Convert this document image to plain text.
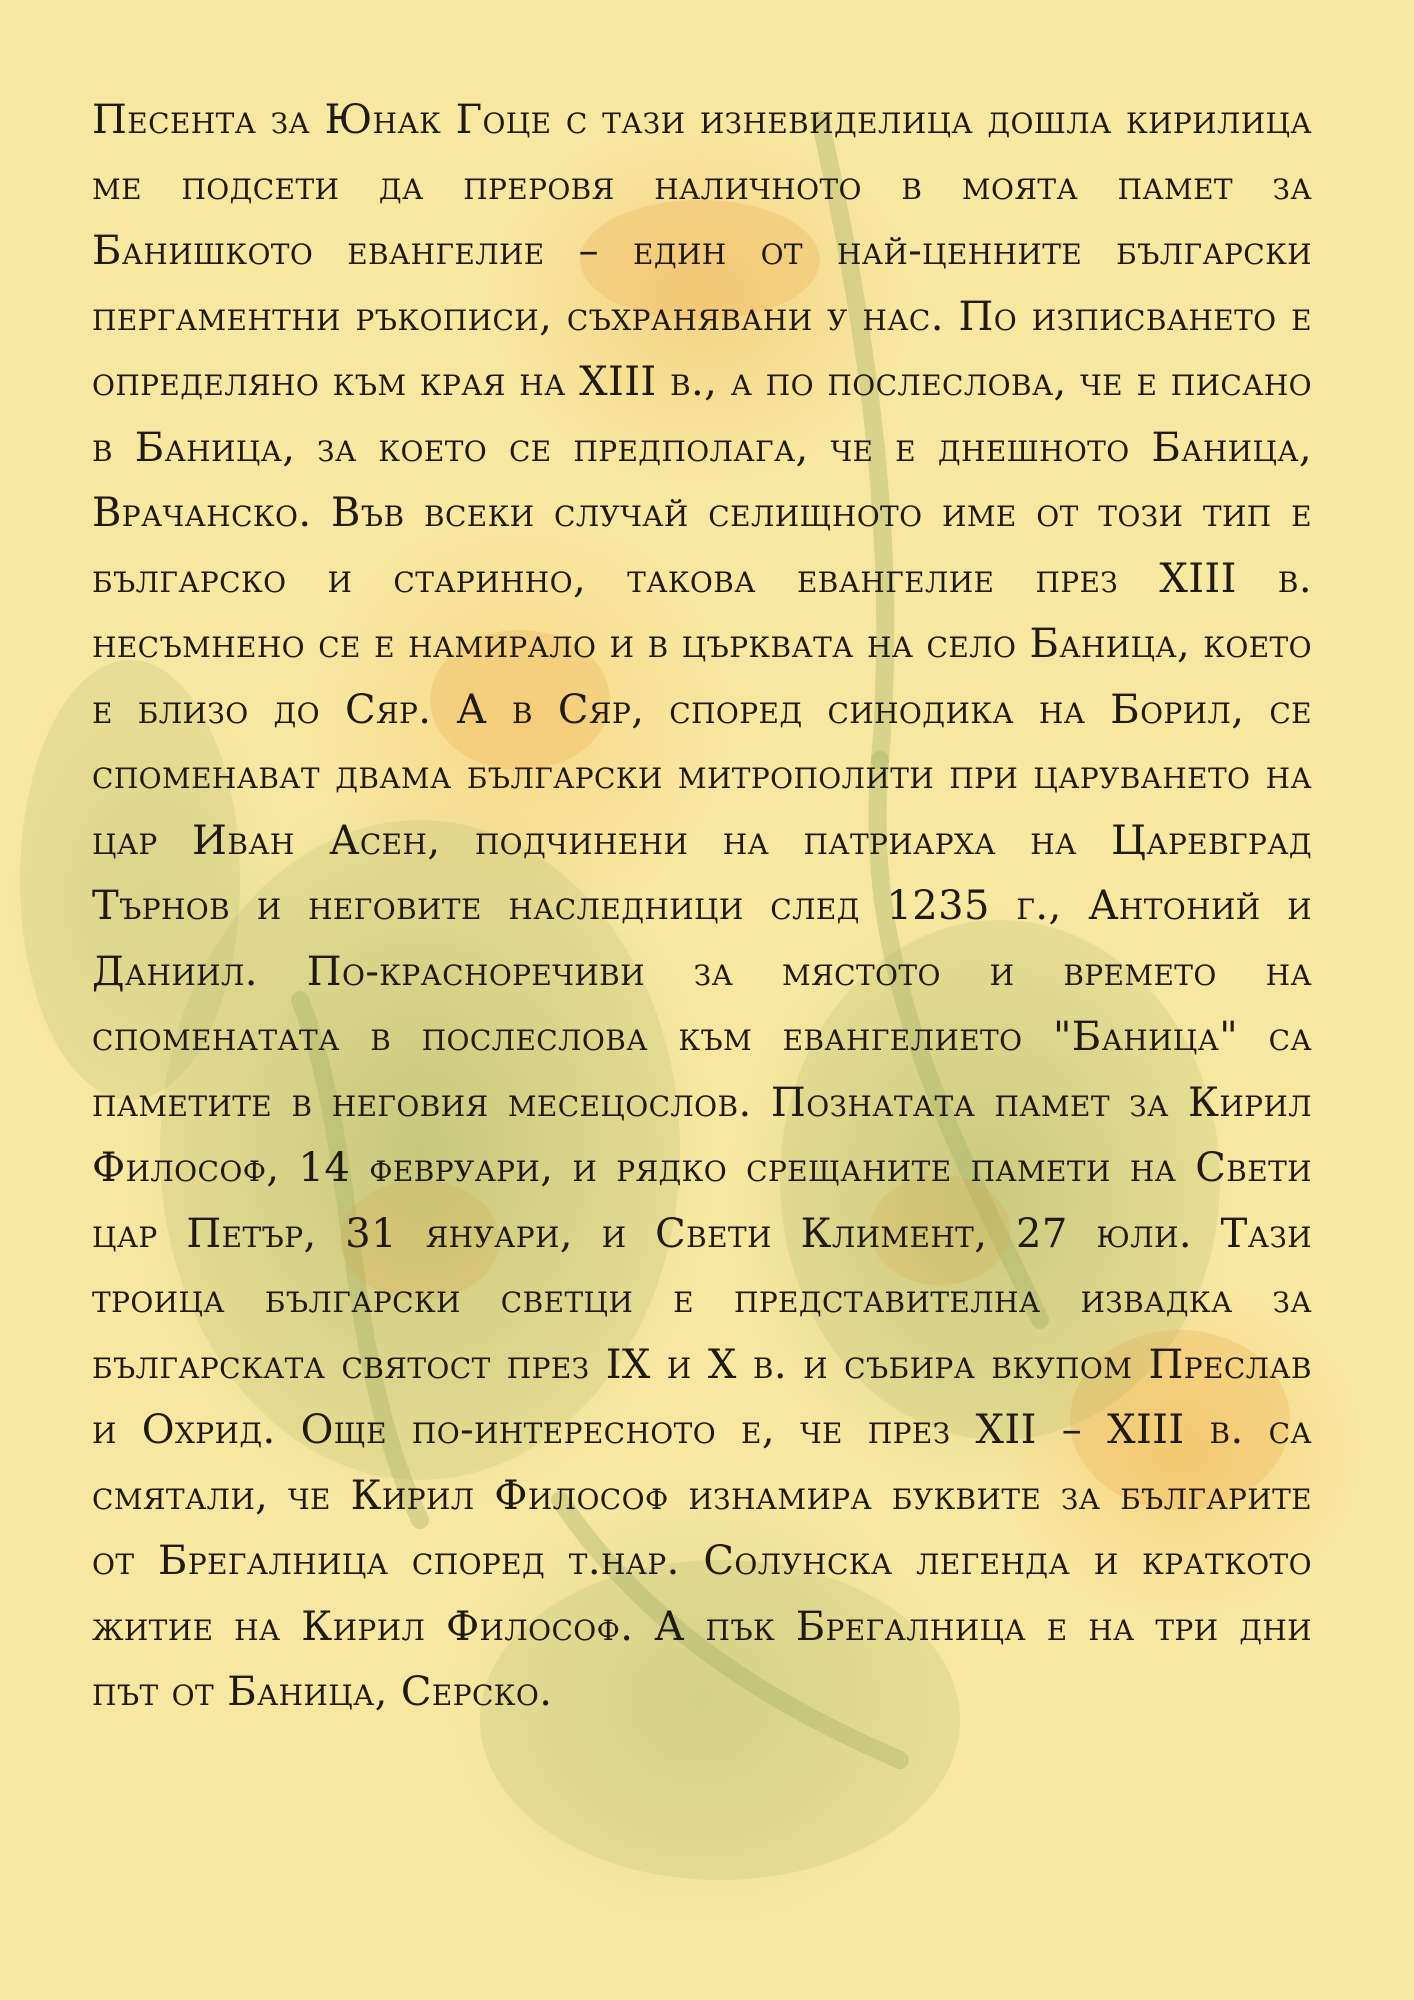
Песента за Юнак Гоце с тази изневиделица дошла кирилица ме подсети да преровя наличното в моята памет за Банишкото евангелие – един от най-ценните български пергаментни ръкописи, съхранявани у нас. По изписването е определяно към края на XIII в., а по послеслова, че е писано в Баница, за което се предполага, че е днешното Баница, Врачанско. Във всеки случай селищното име от този тип е българско и старинно, такова евангелие през XIII в. несъмнено се е намирало и в църквата на село Баница, което е близо до Сяр. А в Сяр, според синодика на Борил, се споменават двама български митрополити при царуването на цар Иван Асен, подчинени на патриарха на Царевград Търнов и неговите наследници след 1235 г., Антоний и Даниил. По-красноречиви за мястото и времето на споменатата в послеслова към евангелието "Баница" са паметите в неговия месецослов. Познатата памет за Кирил Философ, 14 февруари, и рядко срещаните памети на Свети цар Петър, 31 януари, и Свети Климент, 27 юли. Тази троица български светци е представителна извадка за българската святост през IX и X в. и събира вкупом Преслав и Охрид. Още по-интересното е, че през XII – XIII в. са смятали, че Кирил Философ изнамира буквите за българите от Брегалница според т.нар. Солунска легенда и краткото житие на Кирил Философ. А пък Брегалница е на три дни път от Баница, Серско.
